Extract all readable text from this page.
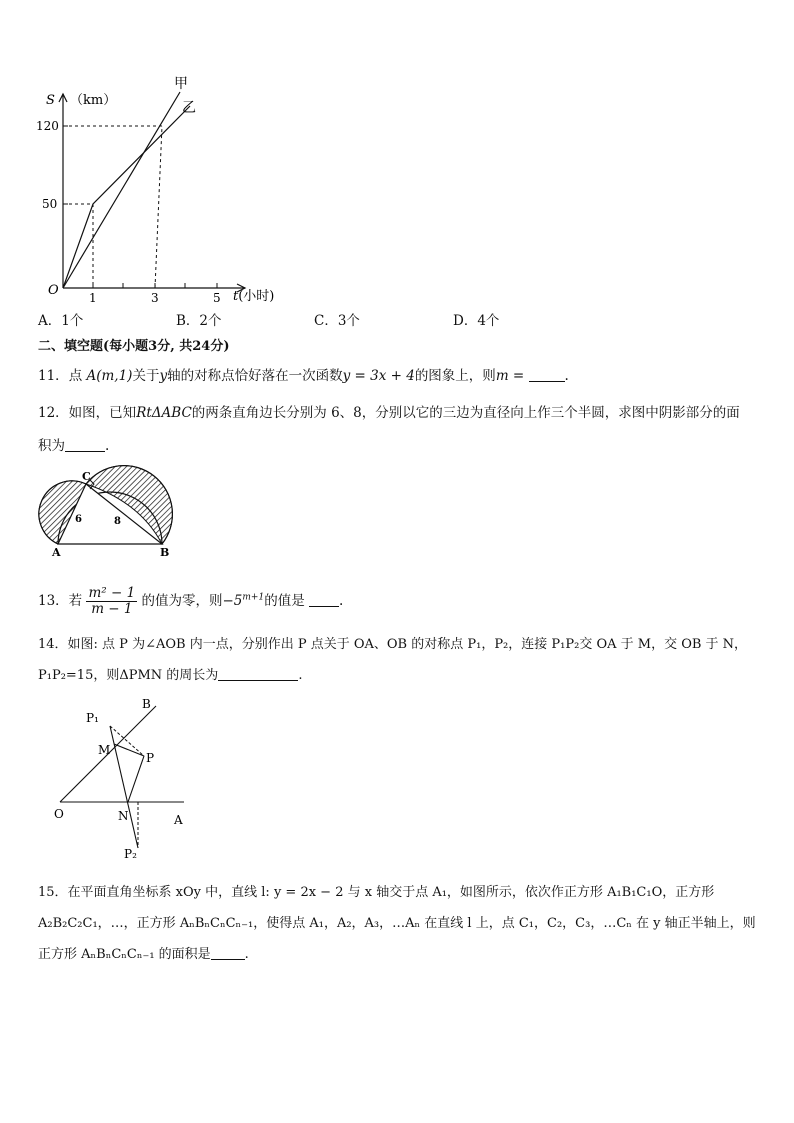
甲
乙
S （km）
120
50
O	1	3	5 t(小时)
A．1个	B．2个	C．3个	D．4个
二、填空题(每小题3分, 共24分)
11．点 A(m,1)关于y轴的对称点恰好落在一次函数y = 3x + 4的图象上，则m =	.
12．如图，已知RtΔABC的两条直角边长分别为 6、8，分别以它的三边为直径向上作三个半圆，求图中阴影部分的面
积为	.
C
A	B
6	8
13．若 $\frac{\text{m² − 1}}{m - 1}$ 的值为零，则$-5^{m+1}$的值是	.
14．如图: 点 P 为∠AOB 内一点，分别作出 P 点关于 OA、OB 的对称点 P₁，P₂，连接 P₁P₂交 OA 于 M，交 OB 于 N，
P₁P₂=15，则ΔPMN 的周长为	.
B
P₁
M
P
O	N	A
P₂
15．在平面直角坐标系 xOy 中，直线 l: y = 2x − 2 与 x 轴交于点 A₁，如图所示，依次作正方形 A₁B₁C₁O，正方形
A₂B₂C₂C₁，…，正方形 AₙBₙCₙCₙ₋₁，使得点 A₁，A₂，A₃，…Aₙ 在直线 l 上，点 C₁，C₂，C₃，…Cₙ 在 y 轴正半轴上，则
正方形 AₙBₙCₙCₙ₋₁ 的面积是	.
